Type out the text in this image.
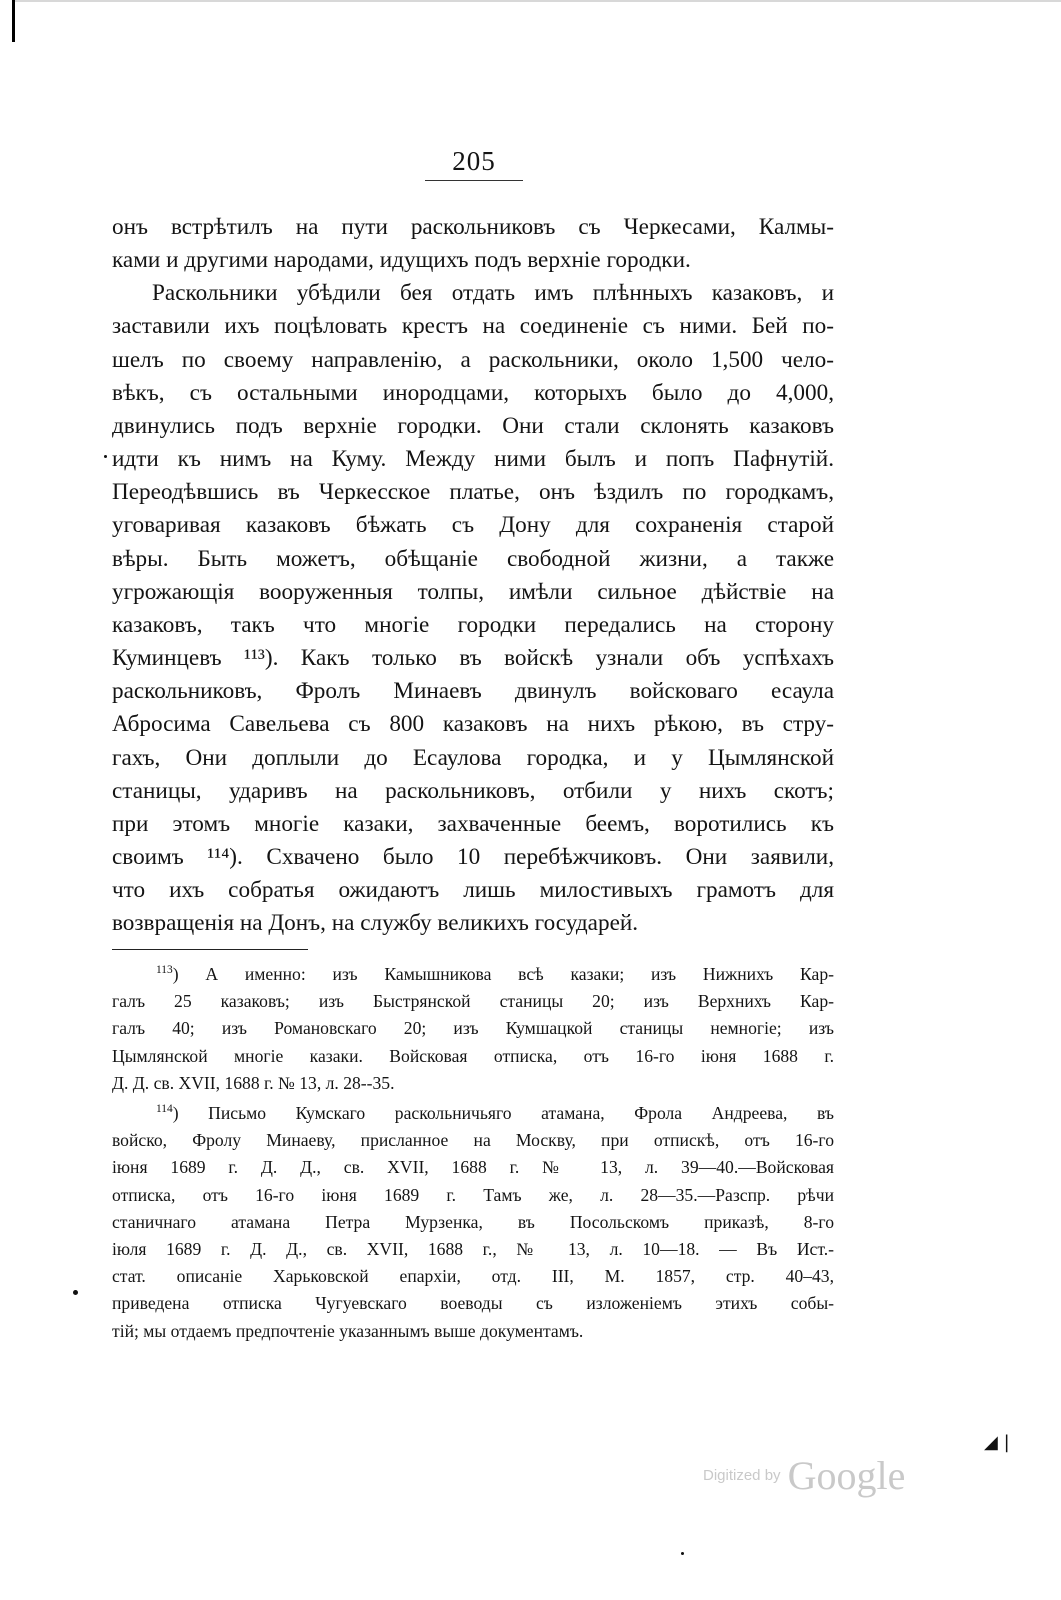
205

онъ встрѣтилъ на пути раскольниковъ съ Черкесами, Калмы-
ками и другими народами, идущихъ подъ верхніе городки.

Раскольники убѣдили бея отдать имъ плѣнныхъ казаковъ, и
заставили ихъ поцѣловать крестъ на соединеніе съ ними. Бей по-
шелъ по своему направленію, а раскольники, около 1,500 чело-
вѣкъ, съ остальными инородцами, которыхъ было до 4,000,
двинулись подъ верхніе городки. Они стали склонять казаковъ
идти къ нимъ на Куму. Между ними былъ и попъ Пафнутій.
Переодѣвшись въ Черкесское платье, онъ ѣздилъ по городкамъ,
уговаривая казаковъ бѣжать съ Дону для сохраненія старой
вѣры. Быть можетъ, обѣщаніе свободной жизни, а также
угрожающія вооруженныя толпы, имѣли сильное дѣйствіе на
казаковъ, такъ что многіе городки передались на сторону
Куминцевъ ¹¹³). Какъ только въ войскѣ узнали объ успѣхахъ
раскольниковъ, Фролъ Минаевъ двинулъ войсковаго есаула
Абросима Савельева съ 800 казаковъ на нихъ рѣкою, въ стру-
гахъ, Они доплыли до Есаулова городка, и у Цымлянской
станицы, ударивъ на раскольниковъ, отбили у нихъ скотъ;
при этомъ многіе казаки, захваченные беемъ, воротились къ
своимъ ¹¹⁴). Схвачено было 10 перебѣжчиковъ. Они заявили,
что ихъ собратья ожидаютъ лишь милостивыхъ грамотъ для
возвращенія на Донъ, на службу великихъ государей.

$^{113}$) А именно: изъ Камышникова всѣ казаки; изъ Нижнихъ Кар-
галъ 25 казаковъ; изъ Быстрянской станицы 20; изъ Верхнихъ Кар-
галъ 40; изъ Романовскаго 20; изъ Кумшацкой станицы немногіе; изъ
Цымлянской многіе казаки. Войсковая отписка, отъ 16-го іюня 1688 г.
Д. Д. св. XVII, 1688 г. № 13, л. 28--35.

$^{114}$) Письмо Кумскаго раскольничьяго атамана, Фрола Андреева, въ
войско, Фролу Минаеву, присланное на Москву, при отпискѣ, отъ 16-го
іюня 1689 г. Д. Д., св. XVII, 1688 г. № 13, л. 39—40.—Войсковая
отписка, отъ 16-го іюня 1689 г. Тамъ же, л. 28—35.—Разспр. рѣчи
станичнаго атамана Петра Мурзенка, въ Посольскомъ приказѣ, 8-го
іюля 1689 г. Д. Д., св. XVII, 1688 г., № 13, л. 10—18. — Въ Ист.-
стат. описаніе Харьковской епархіи, отд. III, М. 1857, стр. 40–43,
приведена отписка Чугуевскаго воеводы съ изложеніемъ этихъ собы-
тій; мы отдаемъ предпочтеніе указаннымъ выше документамъ.

◢ |
Digitized by Google
